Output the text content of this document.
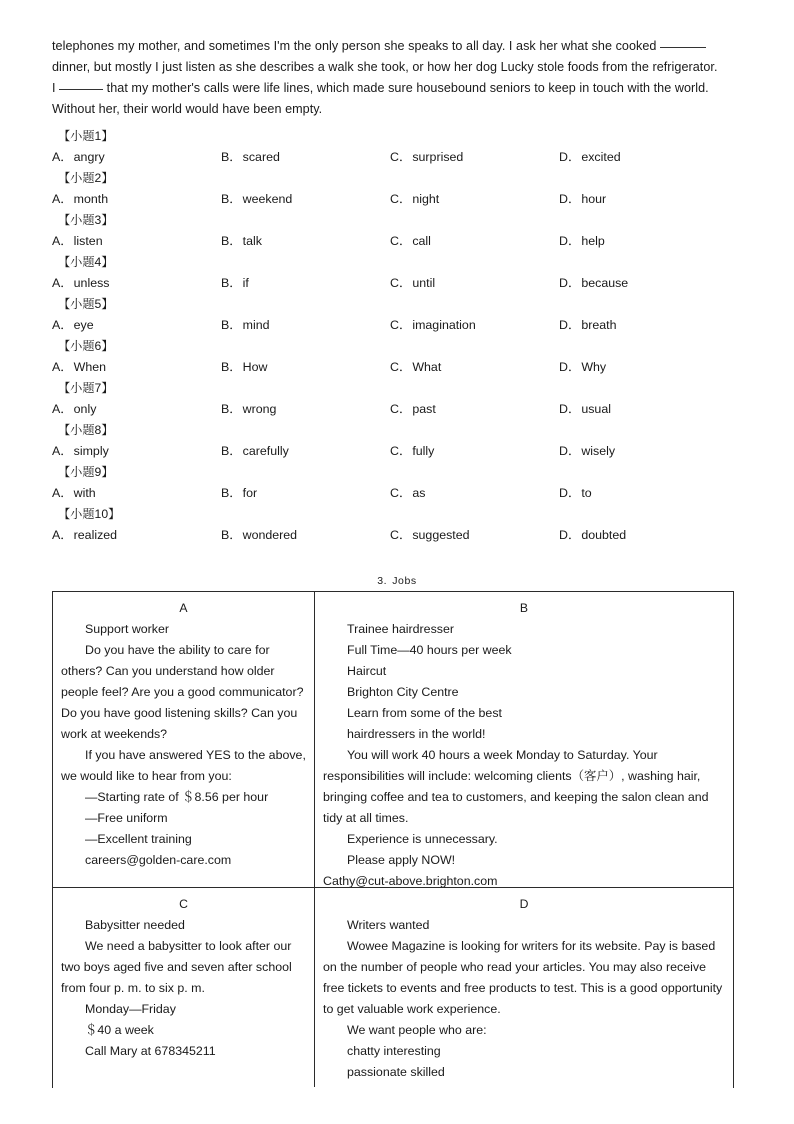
telephones my mother, and sometimes I'm the only person she speaks to all day. I ask her what she cooked

dinner, but mostly I just listen as she describes a walk she took, or how her dog Lucky stole foods from the refrigerator.

I	that my mother's calls were life lines, which made sure housebound seniors to keep in touch with the world.

Without her, their world would have been empty.

【小题1】
A．angry	B．scared	C．surprised	D．excited
【小题2】
A．month	B．weekend	C．night	D．hour
【小题3】
A．listen	B．talk	C．call	D．help
【小题4】
A．unless	B．if	C．until	D．because
【小题5】
A．eye	B．mind	C．imagination	D．breath
【小题6】
A．When	B．How	C．What	D．Why
【小题7】
A．only	B．wrong	C．past	D．usual
【小题8】
A．simply	B．carefully	C．fully	D．wisely
【小题9】
A．with	B．for	C．as	D．to
【小题10】
A．realized	B．wondered	C．suggested	D．doubted
3. Jobs
A
Support worker
Do you have the ability to care for others? Can you understand how older people feel? Are you a good communicator? Do you have good listening skills? Can you work at weekends?
If you have answered YES to the above, we would like to hear from you:
—Starting rate of ＄8.56 per hour
—Free uniform
—Excellent training
careers@golden-care.com
B
Trainee hairdresser
Full Time—40 hours per week
Haircut
Brighton City Centre
Learn from some of the best
hairdressers in the world!
You will work 40 hours a week Monday to Saturday. Your responsibilities will include: welcoming clients（客户）, washing hair, bringing coffee and tea to customers, and keeping the salon clean and tidy at all times.
Experience is unnecessary.
Please apply NOW!
Cathy@cut-above.brighton.com
C
Babysitter needed
We need a babysitter to look after our two boys aged five and seven after school from four p. m. to six p. m.
Monday—Friday
＄40 a week
Call Mary at 678345211
D
Writers wanted
Wowee Magazine is looking for writers for its website. Pay is based on the number of people who read your articles. You may also receive free tickets to events and free products to test. This is a good opportunity to get valuable work experience.
We want people who are:
chatty interesting
passionate skilled
